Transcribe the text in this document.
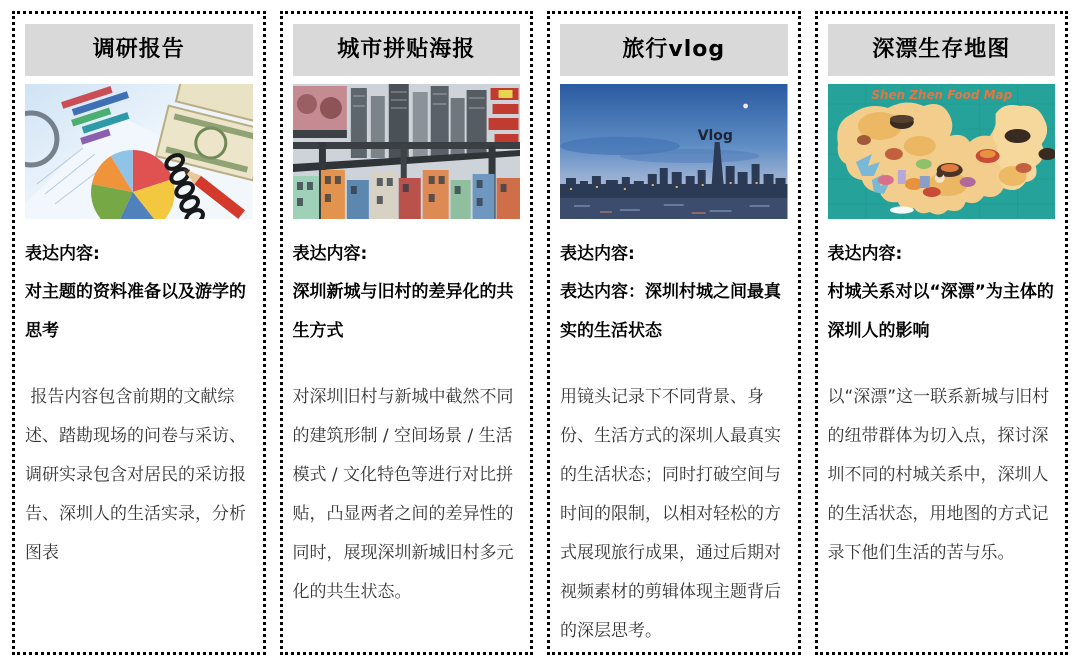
调研报告
表达内容:
对主题的资料准备以及游学的思考

报告内容包含前期的文献综述、踏勘现场的问卷与采访、调研实录包含对居民的采访报告、深圳人的生活实录，分析图表

城市拼贴海报
表达内容:
深圳新城与旧村的差异化的共生方式

对深圳旧村与新城中截然不同的建筑形制 / 空间场景 / 生活模式 / 文化特色等进行对比拼贴，凸显两者之间的差异性的同时，展现深圳新城旧村多元化的共生状态。

旅行vlog
Vlog
表达内容:
表达内容：深圳村城之间最真实的生活状态

用镜头记录下不同背景、身份、生活方式的深圳人最真实的生活状态；同时打破空间与时间的限制，以相对轻松的方式展现旅行成果，通过后期对视频素材的剪辑体现主题背后的深层思考。

深漂生存地图
Shen Zhen Food Map
表达内容:
村城关系对以“深漂”为主体的深圳人的影响

以“深漂”这一联系新城与旧村的纽带群体为切入点，探讨深圳不同的村城关系中，深圳人的生活状态，用地图的方式记录下他们生活的苦与乐。
